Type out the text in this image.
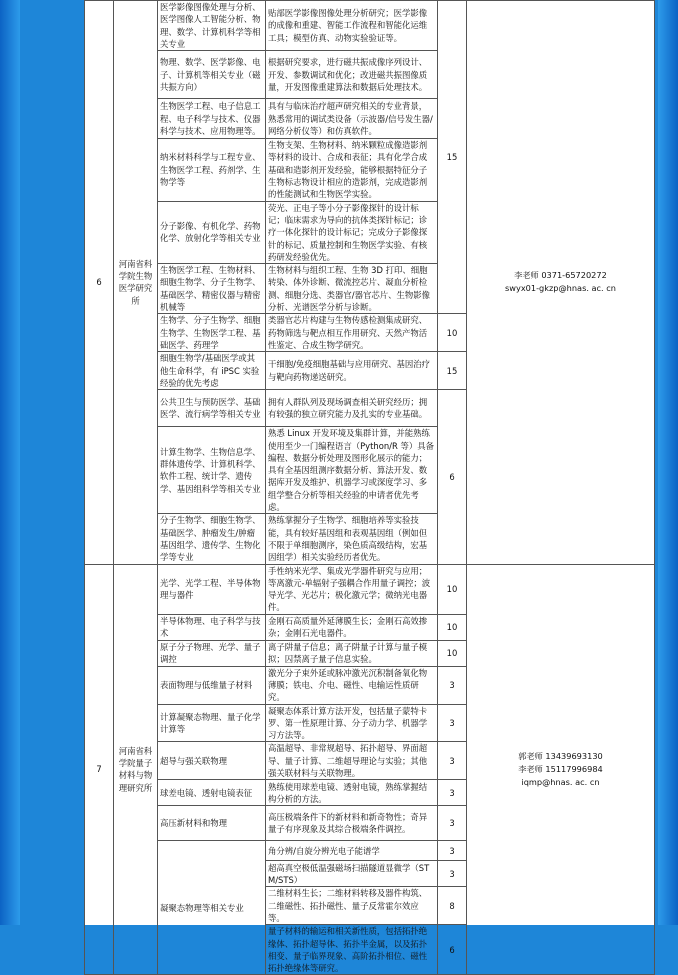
6	河南省科学院生物医学研究所	医学影像图像处理与分析、医学图像人工智能分析、物理、数学、计算机科学等相关专业	贴部医学影像图像处理分析研究；医学影像的成像和重建、智能工作流程和智能化运维工具；模型仿真、动物实验验证等。	15	李老师 0371-65720272
swyx01-gkzp@hnas. ac. cn

		物理、数学、医学影像、电子、计算机等相关专业（磁共振方向）	根据研究要求，进行磁共振成像序列设计、开发、参数调试和优化；改进磁共振图像质量，开发图像重建算法和数据后处理技术。		
		生物医学工程、电子信息工程、电子科学与技术、仪器科学与技术、应用物理等。	具有与临床治疗超声研究相关的专业背景，熟悉常用的调试类设备（示波器/信号发生器/网络分析仪等）和仿真软件。		
		纳米材料科学与工程专业、生物医学工程、药剂学、生物学等	生物支架、生物材料、纳米颗粒成像造影剂等材料的设计、合成和表征；具有化学合成基础和造影剂开发经验，能够根据特征分子生物标志物设计相应的造影剂，完成造影剂的性能测试和生物医学实验。		
		分子影像、有机化学、药物化学、放射化学等相关专业	荧光、正电子等小分子影像探针的设计标记；临床需求为导向的抗体类探针标记；诊疗一体化探针的设计标记；完成分子影像探针的标记、质量控制和生物医学实验、有核药研发经验优先。		
		生物医学工程、生物材料、细胞生物学、分子生物学、基础医学、精密仪器与精密机械等	生物材料与组织工程、生物 3D 打印、细胞转染、体外诊断、微流控芯片、凝血分析检测、细胞分选、类器官/器官芯片、生物影像分析、光谱医学分析与诊断。		
		生物学、分子生物学、细胞生物学、生物医学工程、基础医学、药理学	类器官芯片构建与生物传感检测集成研究、药物筛选与靶点相互作用研究、天然产物活性鉴定、合成生物学研究。	10	
		细胞生物学/基础医学或其他生命科学，有 iPSC 实验经验的优先考虑	干细胞/免疫细胞基础与应用研究、基因治疗与靶向药物递送研究。	15	
		公共卫生与预防医学、基础医学、流行病学等相关专业	拥有人群队列及现场调查相关研究经历；拥有较强的独立研究能力及扎实的专业基础。	6	
		计算生物学、生物信息学、群体遗传学、计算机科学、软件工程、统计学、遗传学、基因组科学等相关专业	熟悉 Linux 开发环境及集群计算，并能熟练使用至少一门编程语言（Python/R 等）具备编程、数据分析处理及图形化展示的能力；具有全基因组测序数据分析、算法开发、数据库开发及维护、机器学习或深度学习、多组学整合分析等相关经验的申请者优先考虑。		
		分子生物学、细胞生物学、基础医学、肿瘤发生/肿瘤基因组学、遗传学、生物化学等专业	熟练掌握分子生物学、细胞培养等实验技能，具有较好基因组和表观基因组（例如但不限于单细胞测序，染色质高级结构，宏基因组学）相关实验经历者优先。		
7	河南省科学院量子材料与物理研究所	光学、光学工程、半导体物理与器件	手性纳米光学、集成光学器件研究与应用；等离激元-单辐射子强耦合作用量子调控；波导光学、光芯片；极化激元学；微纳光电器件。	10	郭老师 13439693130
李老师 15117996984
iqmp@hnas. ac. cn

		半导体物理、电子科学与技术	金刚石高质量外延薄膜生长；金刚石高效掺杂；金刚石光电器件。	10	
		原子分子物理、光学、量子调控	离子阱量子信息；离子阱量子计算与量子模拟；囚禁离子量子信息实验。	10	
		表面物理与低维量子材料	激光分子束外延或脉冲激光沉积制备氧化物薄膜；铁电、介电、磁性、电输运性质研究。	3	
		计算凝聚态物理、量子化学计算等	凝聚态体系计算方法开发，包括量子蒙特卡罗、第一性原理计算、分子动力学、机器学习方法等。	3	
		超导与强关联物理	高温超导、非常规超导、拓扑超导、界面超导、量子计算、二维超导理论与实验；其他强关联材料与关联物理。	3	
		球差电镜、透射电镜表征	熟练使用球差电镜、透射电镜，熟练掌握结构分析的方法。	3	
		高压新材料和物理	高压极端条件下的新材料和新奇物性；奇异量子有序现象及其综合极端条件调控。	3	
		凝聚态物理等相关专业	角分辨/自旋分辨光电子能谱学	3	
			超高真空极低温强磁场扫描隧道显微学（STM/STS）	3	
			二维材料生长；二维材料转移及器件构筑、二维磁性、拓扑磁性、量子反常霍尔效应等。	8	
			量子材料的输运和相关新性质，包括拓扑绝缘体、拓扑超导体、拓扑半金属，以及拓扑相变、量子临界现象、高阶拓扑相位、磁性拓扑绝缘体等研究。	6	
